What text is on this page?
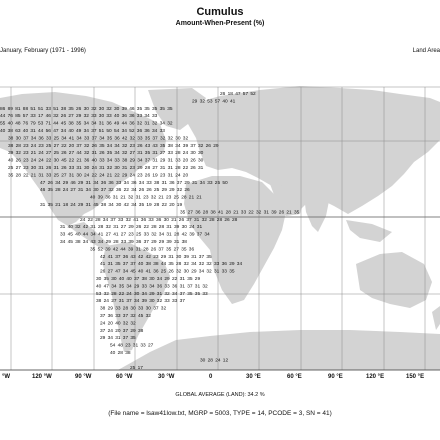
Cumulus
Amount-When-Present (%)
January, February (1971 - 1996)	Land Area
26 18 47 57 52
29 32 53 57 40 41
86 89 81 88 51 51 33 51 38 35 26 30 32 30 32 30 39 46 35 35 35 35 35
44 76 85 57 33 17 46 32 26 27 29 32 33 30 33 40 36 36 33 34 33
55 40 48 76 79 53 71 44 45 38 35 34 34 31 36 49 44 36 32 31 32 34 32
40 38 63 40 31 44 56 47 34 40 49 34 37 51 50 54 34 52 36 36 34 33
38 30 37 34 36 33 25 34 41 34 33 37 34 35 36 42 32 33 35 37 32 32 30 32
38 28 23 24 23 25 27 22 20 37 32 26 35 34 34 32 23 26 43 43 35 38 34 39 37 32 26 29
39 32 23 21 24 27 25 26 27 44 32 31 26 35 34 32 27 31 35 31 27 33 28 24 30 30
40 26 23 24 24 22 30 45 22 21 36 40 33 34 33 38 29 34 37 31 29 31 33 20 26 30
25 27 23 30 31 26 31 26 33 31 30 24 31 32 30 31 23 29 28 27 31 31 28 22 26 31
35 28 22 21 31 33 25 27 31 30 24 22 24 21 22 29 24 23 26 19 23 31 24 20
47 26 34 29 46 29 31 34 36 36 33 34 36 34 33 38 31 36 37 29 31 34 33 25 50
46 35 28 24 27 31 34 30 37 32 36 22 34 26 26 25 29 29 32 26
40 39 36 31 21 32 31 23 32 21 23 25 28 21 21
31 35 21 18 24 29 31 45 38 34 30 42 34 35 19 28 22 20 19
35 27 36 28 38 41 28 21 33 22 32 31 39 26 21 35
24 22 28 34 37 33 32 41 36 33 36 30 21 26 37 31 32 28 28 26 28
31 40 32 42 31 28 32 31 27 29 26 22 28 28 31 39 30 24 31
33 45 40 44 34 41 27 41 27 23 25 33 32 34 31 28 42 39 37 34
34 45 38 34 43 34 29 28 33 39 36 37 29 29 39 31 38
35 52 39 42 44 39 31 28 26 37 35 27 35 36
42 41 37 36 43 42 42 23 29 31 30 39 31 37 35
41 31 35 37 37 40 38 38 44 35 28 32 34 32 32 33 36 29 34
26 27 47 34 45 40 41 36 25 26 32 30 29 34 32 31 33 35
30 35 30 40 40 37 38 30 34 29 22 31 35 29
40 47 34 35 34 29 33 34 36 33 36 31 37 31 32
53 32 28 22 24 30 34 29 31 32 34 37 35 35 33
38 24 27 31 37 34 39 30 32 33 33 37
38 29 33 28 30 33 30 37 32
37 36 33 37 32 45 32
24 20 40 32 32
37 24 20 37 29 38
29 34 31 37 35
54 48 23 31 33 27
40 28 38
30 28 24 12
25 17
°W	120 °W	90 °W	60 °W	30 °W	0	30 °E	60 °E	90 °E	120 °E	150 °E
GLOBAL AVERAGE (LAND): 34.2 %
(File name = lsaw41low.txt, MGRP = 5003, TYPE = 14, PCODE = 3, SN = 41)
